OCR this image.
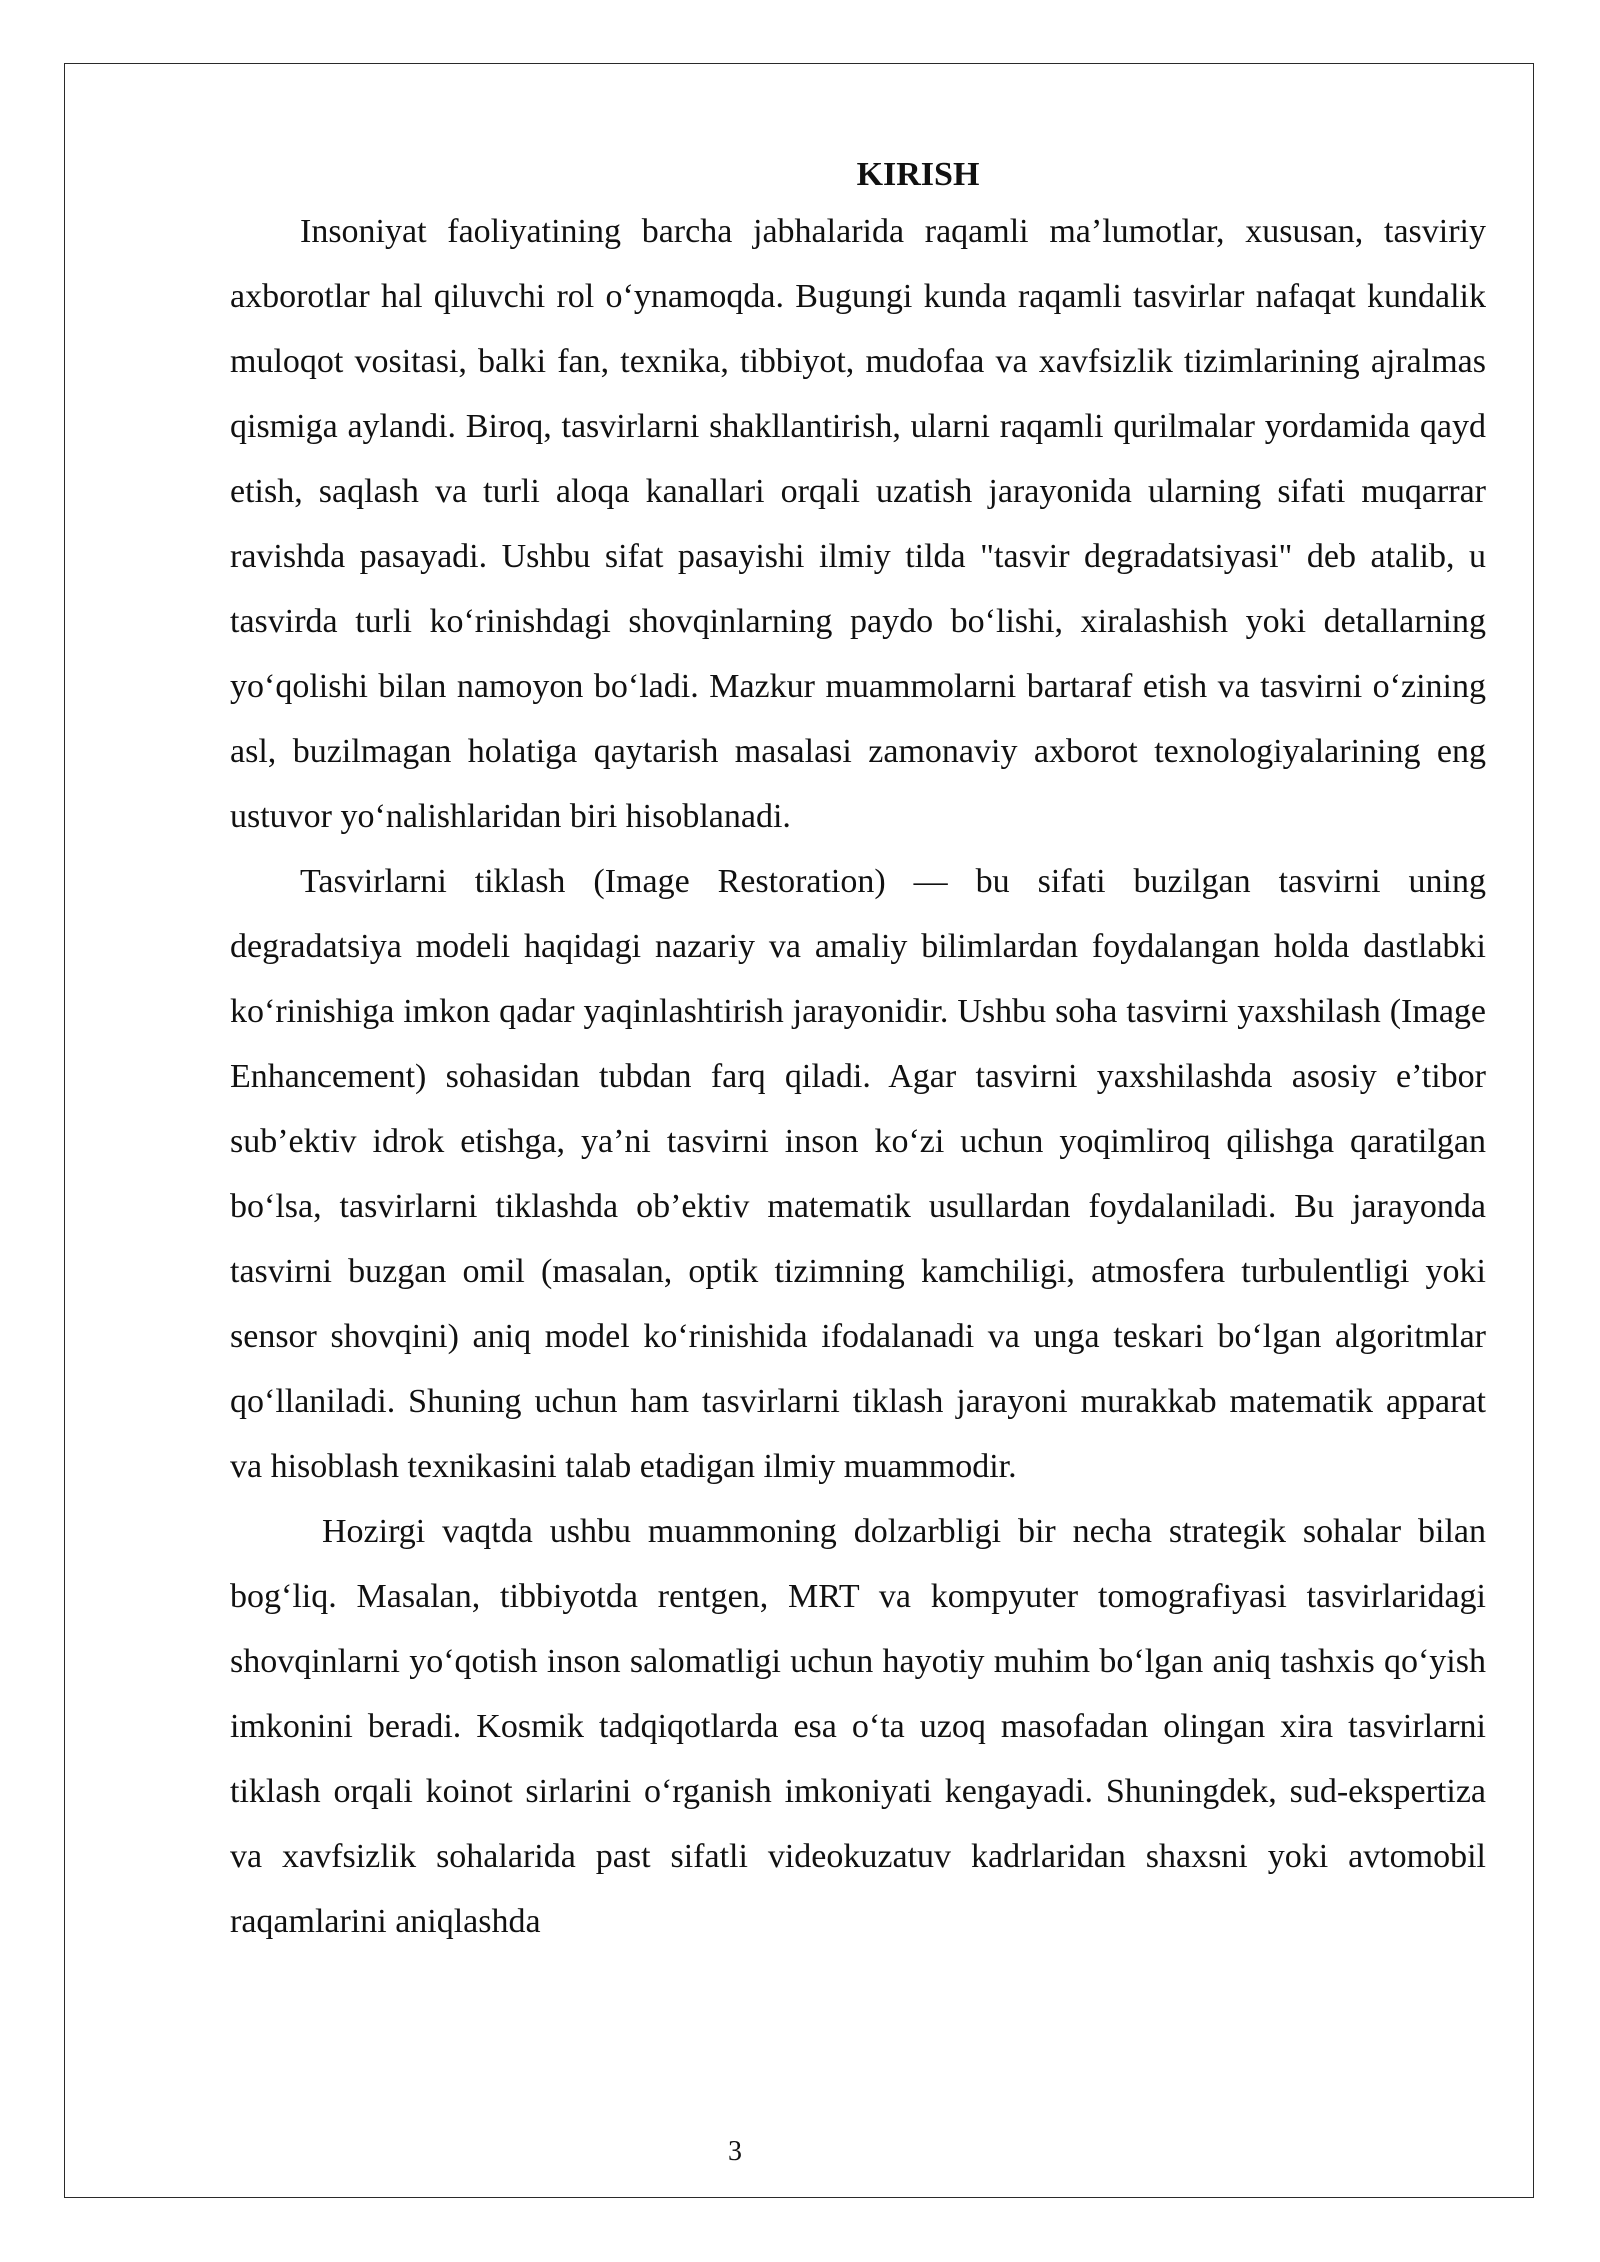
KIRISH

Insoniyat faoliyatining barcha jabhalarida raqamli ma’lumotlar, xususan, tasviriy axborotlar hal qiluvchi rol o‘ynamoqda. Bugungi kunda raqamli tasvirlar nafaqat kundalik muloqot vositasi, balki fan, texnika, tibbiyot, mudofaa va xavfsizlik tizimlarining ajralmas qismiga aylandi. Biroq, tasvirlarni shakllantirish, ularni raqamli qurilmalar yordamida qayd etish, saqlash va turli aloqa kanallari orqali uzatish jarayonida ularning sifati muqarrar ravishda pasayadi. Ushbu sifat pasayishi ilmiy tilda "tasvir degradatsiyasi" deb atalib, u tasvirda turli ko‘rinishdagi shovqinlarning paydo bo‘lishi, xiralashish yoki detallarning yo‘qolishi bilan namoyon bo‘ladi. Mazkur muammolarni bartaraf etish va tasvirni o‘zining asl, buzilmagan holatiga qaytarish masalasi zamonaviy axborot texnologiyalarining eng ustuvor yo‘nalishlaridan biri hisoblanadi.

Tasvirlarni tiklash (Image Restoration) — bu sifati buzilgan tasvirni uning degradatsiya modeli haqidagi nazariy va amaliy bilimlardan foydalangan holda dastlabki ko‘rinishiga imkon qadar yaqinlashtirish jarayonidir. Ushbu soha tasvirni yaxshilash (Image Enhancement) sohasidan tubdan farq qiladi. Agar tasvirni yaxshilashda asosiy e’tibor sub’ektiv idrok etishga, ya’ni tasvirni inson ko‘zi uchun yoqimliroq qilishga qaratilgan bo‘lsa, tasvirlarni tiklashda ob’ektiv matematik usullardan foydalaniladi. Bu jarayonda tasvirni buzgan omil (masalan, optik tizimning kamchiligi, atmosfera turbulentligi yoki sensor shovqini) aniq model ko‘rinishida ifodalanadi va unga teskari bo‘lgan algoritmlar qo‘llaniladi. Shuning uchun ham tasvirlarni tiklash jarayoni murakkab matematik apparat va hisoblash texnikasini talab etadigan ilmiy muammodir.

Hozirgi vaqtda ushbu muammoning dolzarbligi bir necha strategik sohalar bilan bog‘liq. Masalan, tibbiyotda rentgen, MRT va kompyuter tomografiyasi tasvirlaridagi shovqinlarni yo‘qotish inson salomatligi uchun hayotiy muhim bo‘lgan aniq tashxis qo‘yish imkonini beradi. Kosmik tadqiqotlarda esa o‘ta uzoq masofadan olingan xira tasvirlarni tiklash orqali koinot sirlarini o‘rganish imkoniyati kengayadi. Shuningdek, sud-ekspertiza va xavfsizlik sohalarida past sifatli videokuzatuv kadrlaridan shaxsni yoki avtomobil raqamlarini aniqlashda

3
